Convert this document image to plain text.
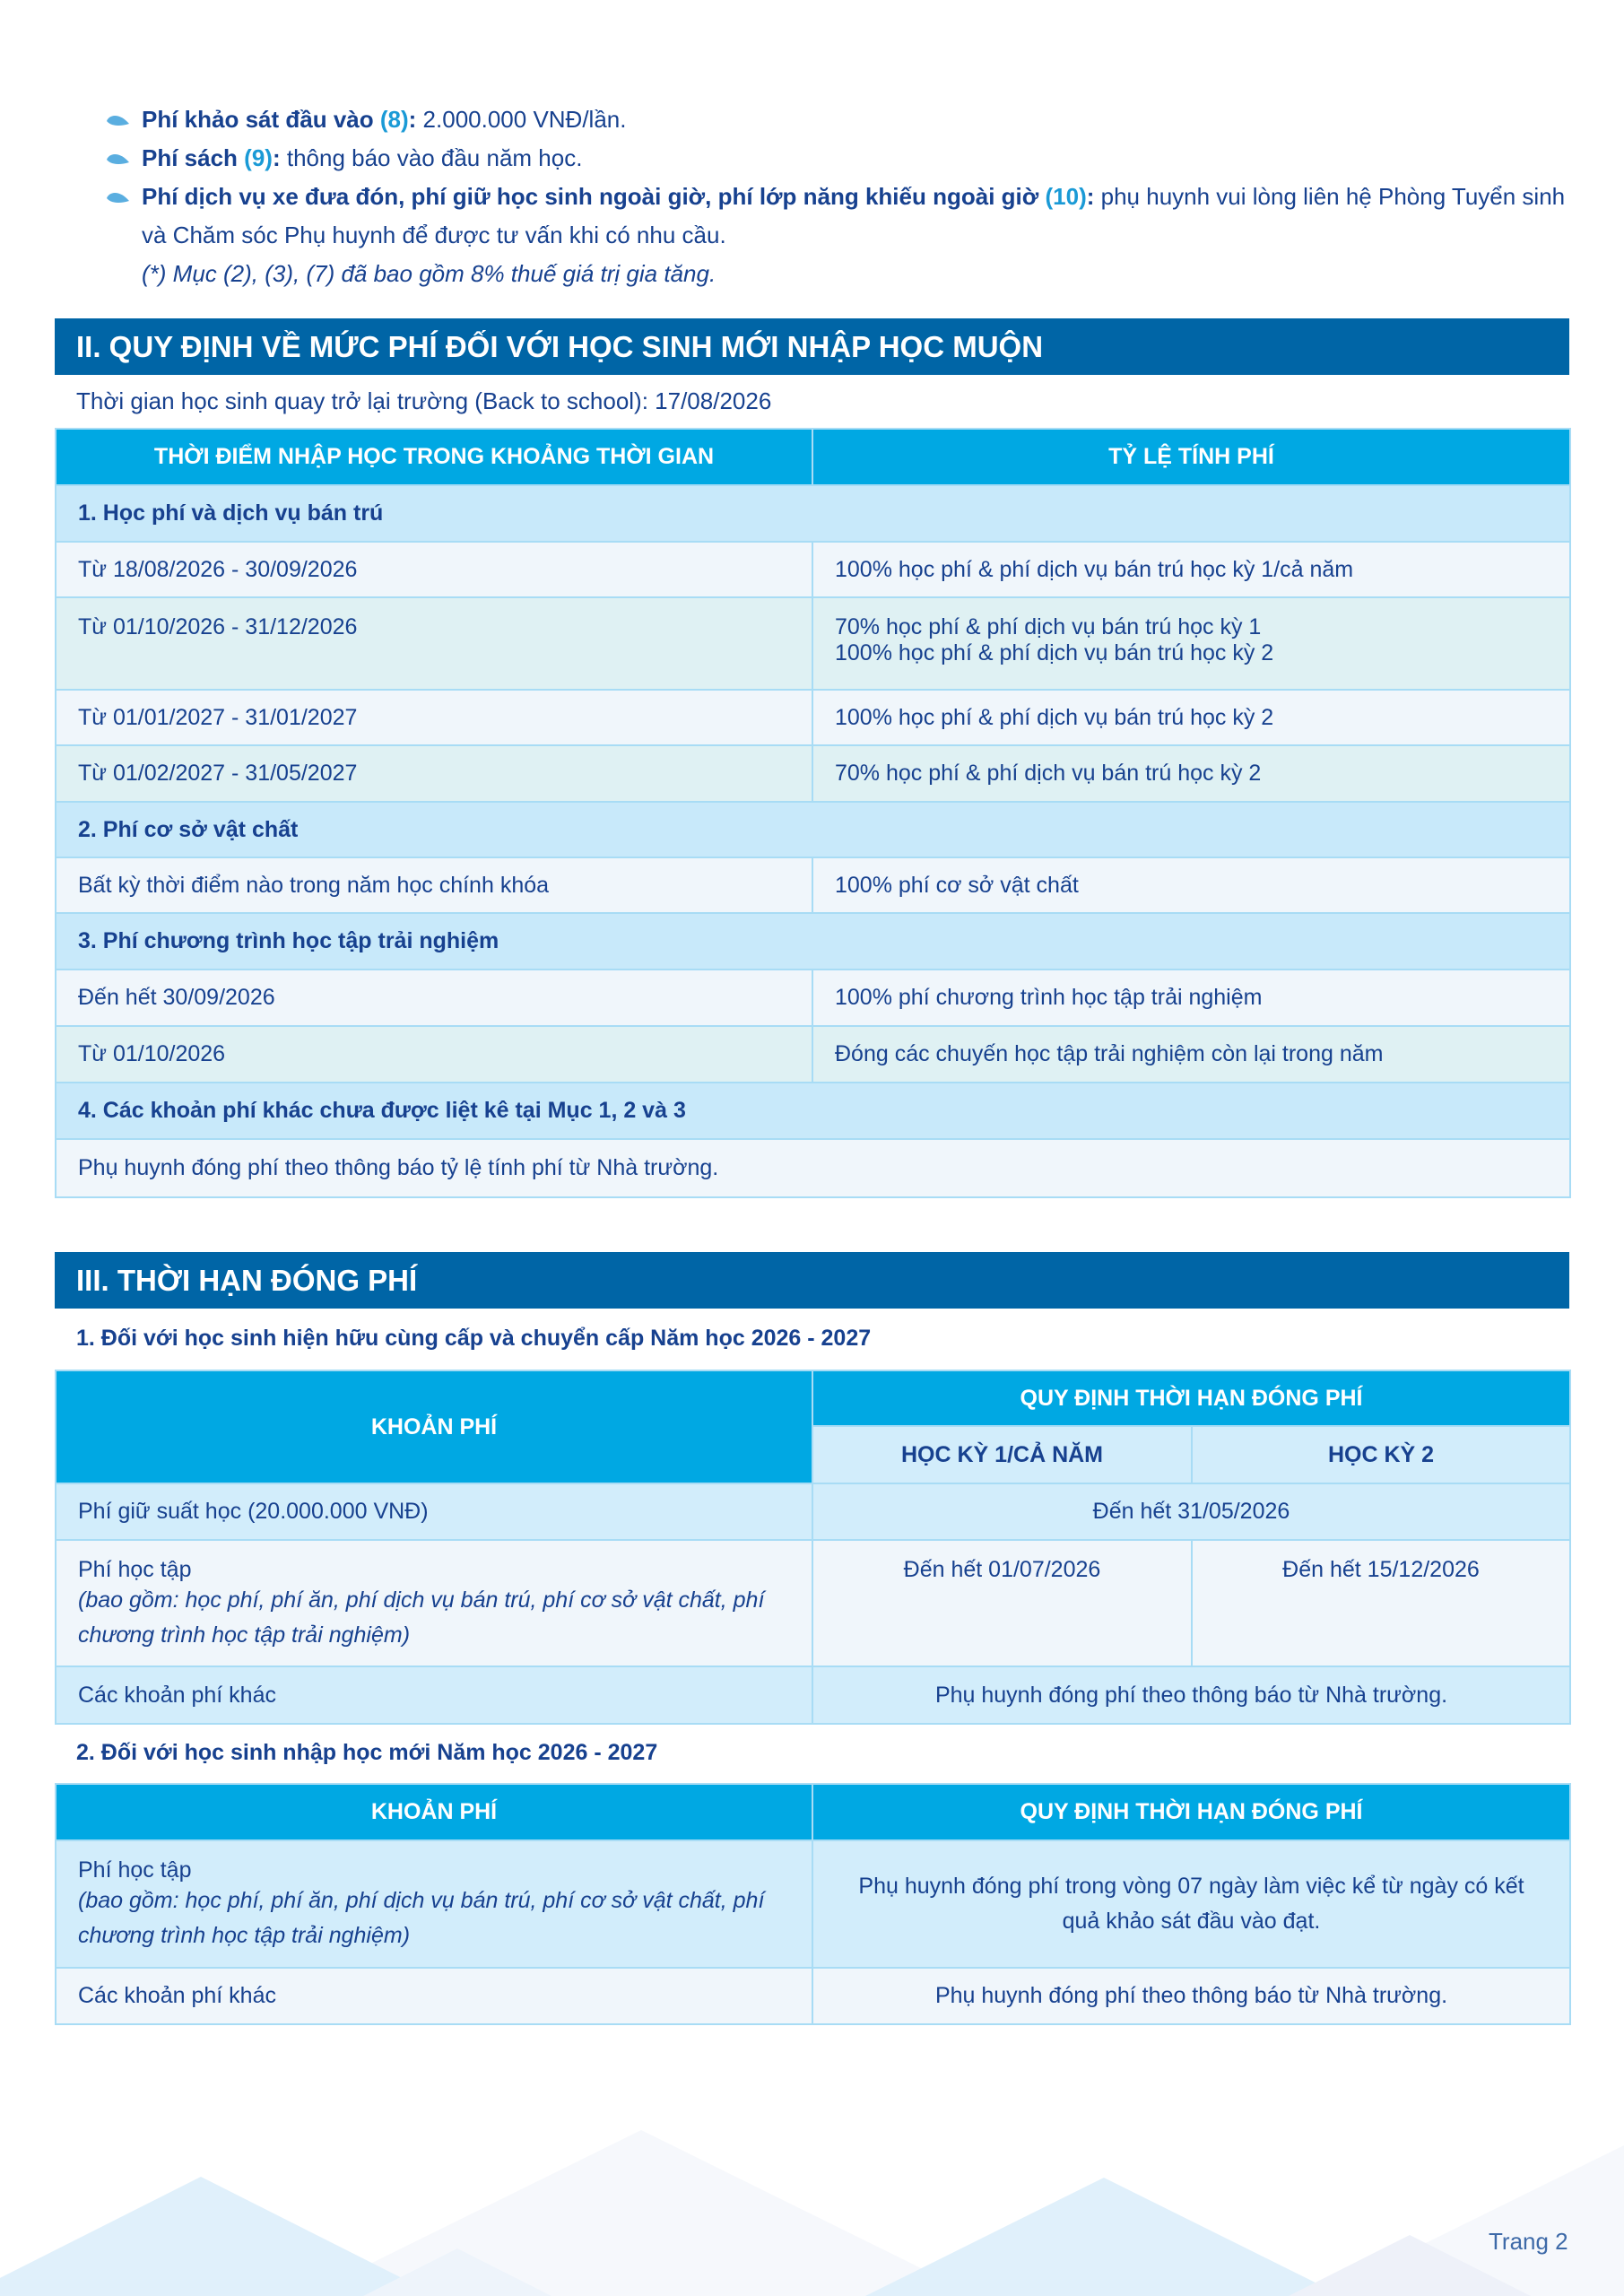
Phí khảo sát đầu vào (8): 2.000.000 VNĐ/lần.
Phí sách (9): thông báo vào đầu năm học.
Phí dịch vụ xe đưa đón, phí giữ học sinh ngoài giờ, phí lớp năng khiếu ngoài giờ (10): phụ huynh vui lòng liên hệ Phòng Tuyển sinh và Chăm sóc Phụ huynh để được tư vấn khi có nhu cầu.
(*) Mục (2), (3), (7) đã bao gồm 8% thuế giá trị gia tăng.
II. QUY ĐỊNH VỀ MỨC PHÍ ĐỐI VỚI HỌC SINH MỚI NHẬP HỌC MUỘN
Thời gian học sinh quay trở lại trường (Back to school): 17/08/2026
THỜI ĐIỂM NHẬP HỌC TRONG KHOẢNG THỜI GIAN	TỶ LỆ TÍNH PHÍ
1. Học phí và dịch vụ bán trú	
Từ 18/08/2026 - 30/09/2026	100% học phí & phí dịch vụ bán trú học kỳ 1/cả năm
Từ 01/10/2026 - 31/12/2026	70% học phí & phí dịch vụ bán trú học kỳ 1
100% học phí & phí dịch vụ bán trú học kỳ 2

Từ 01/01/2027 - 31/01/2027	100% học phí & phí dịch vụ bán trú học kỳ 2
Từ 01/02/2027 - 31/05/2027	70% học phí & phí dịch vụ bán trú học kỳ 2
2. Phí cơ sở vật chất	
Bất kỳ thời điểm nào trong năm học chính khóa	100% phí cơ sở vật chất
3. Phí chương trình học tập trải nghiệm	
Đến hết 30/09/2026	100% phí chương trình học tập trải nghiệm
Từ 01/10/2026	Đóng các chuyến học tập trải nghiệm còn lại trong năm
4. Các khoản phí khác chưa được liệt kê tại Mục 1, 2 và 3	
Phụ huynh đóng phí theo thông báo tỷ lệ tính phí từ Nhà trường.	
III. THỜI HẠN ĐÓNG PHÍ
1. Đối với học sinh hiện hữu cùng cấp và chuyển cấp Năm học 2026 - 2027
KHOẢN PHÍ	QUY ĐỊNH THỜI HẠN ĐÓNG PHÍ	
	HỌC KỲ 1/CẢ NĂM	HỌC KỲ 2
Phí giữ suất học (20.000.000 VNĐ)	Đến hết 31/05/2026	

Phí học tập
(bao gồm: học phí, phí ăn, phí dịch vụ bán trú, phí cơ sở vật chất, phí chương trình học tập trải nghiệm)	Đến hết 01/07/2026	Đến hết 15/12/2026
Các khoản phí khác	Phụ huynh đóng phí theo thông báo từ Nhà trường.	
2. Đối với học sinh nhập học mới Năm học 2026 - 2027
KHOẢN PHÍ	QUY ĐỊNH THỜI HẠN ĐÓNG PHÍ

Phí học tập
(bao gồm: học phí, phí ăn, phí dịch vụ bán trú, phí cơ sở vật chất, phí chương trình học tập trải nghiệm)	Phụ huynh đóng phí trong vòng 07 ngày làm việc kể từ ngày có kết quả khảo sát đầu vào đạt.
Các khoản phí khác	Phụ huynh đóng phí theo thông báo từ Nhà trường.
Trang 2
